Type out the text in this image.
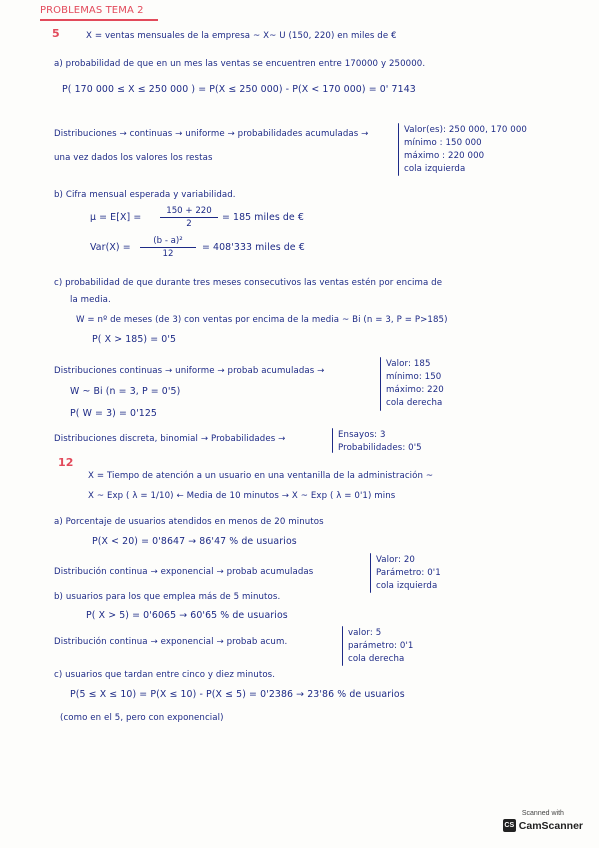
PROBLEMAS TEMA 2
5	X = ventas mensuales de la empresa ~ X~ U (150, 220) en miles de €
a) probabilidad de que en un mes las ventas se encuentren entre 170000 y 250000.
P( 170 000 ≤ X ≤ 250 000 ) = P(X ≤ 250 000) - P(X < 170 000) = 0' 7143
Distribuciones → continuas → uniforme → probabilidades acumuladas →
una vez dados los valores los restas
Valor(es): 250 000, 170 000
mínimo : 150 000
máximo : 220 000
cola izquierda
b) Cifra mensual esperada y variabilidad.
μ = E[X] =
150 + 220
2
= 185 miles de €
Var(X) =
(b - a)²
12
= 408'333 miles de €
c) probabilidad de que durante tres meses consecutivos las ventas estén por encima de
la media.
W = nº de meses (de 3) con ventas por encima de la media ~ Bi (n = 3, P = P>185)
P( X > 185) = 0'5
Distribuciones continuas → uniforme → probab acumuladas →
Valor: 185
mínimo: 150
máximo: 220
cola derecha
W ~ Bi (n = 3, P = 0'5)
P( W = 3) = 0'125
Distribuciones discreta, binomial → Probabilidades →	Ensayos: 3
Probabilidades: 0'5
12
X = Tiempo de atención a un usuario en una ventanilla de la administración ~
X ~ Exp ( λ = 1/10) ← Media de 10 minutos → X ~ Exp ( λ = 0'1) mins
a) Porcentaje de usuarios atendidos en menos de 20 minutos
P(X < 20) = 0'8647 → 86'47 % de usuarios
Distribución continua → exponencial → probab acumuladas
Valor: 20
Parámetro: 0'1
cola izquierda
b) usuarios para los que emplea más de 5 minutos.
P( X > 5) = 0'6065 → 60'65 % de usuarios
Distribución continua → exponencial → probab acum.
valor: 5
parámetro: 0'1
cola derecha
c) usuarios que tardan entre cinco y diez minutos.
P(5 ≤ X ≤ 10) = P(X ≤ 10) - P(X ≤ 5) = 0'2386 → 23'86 % de usuarios
(como en el 5, pero con exponencial)
Scanned with
CS CamScanner
